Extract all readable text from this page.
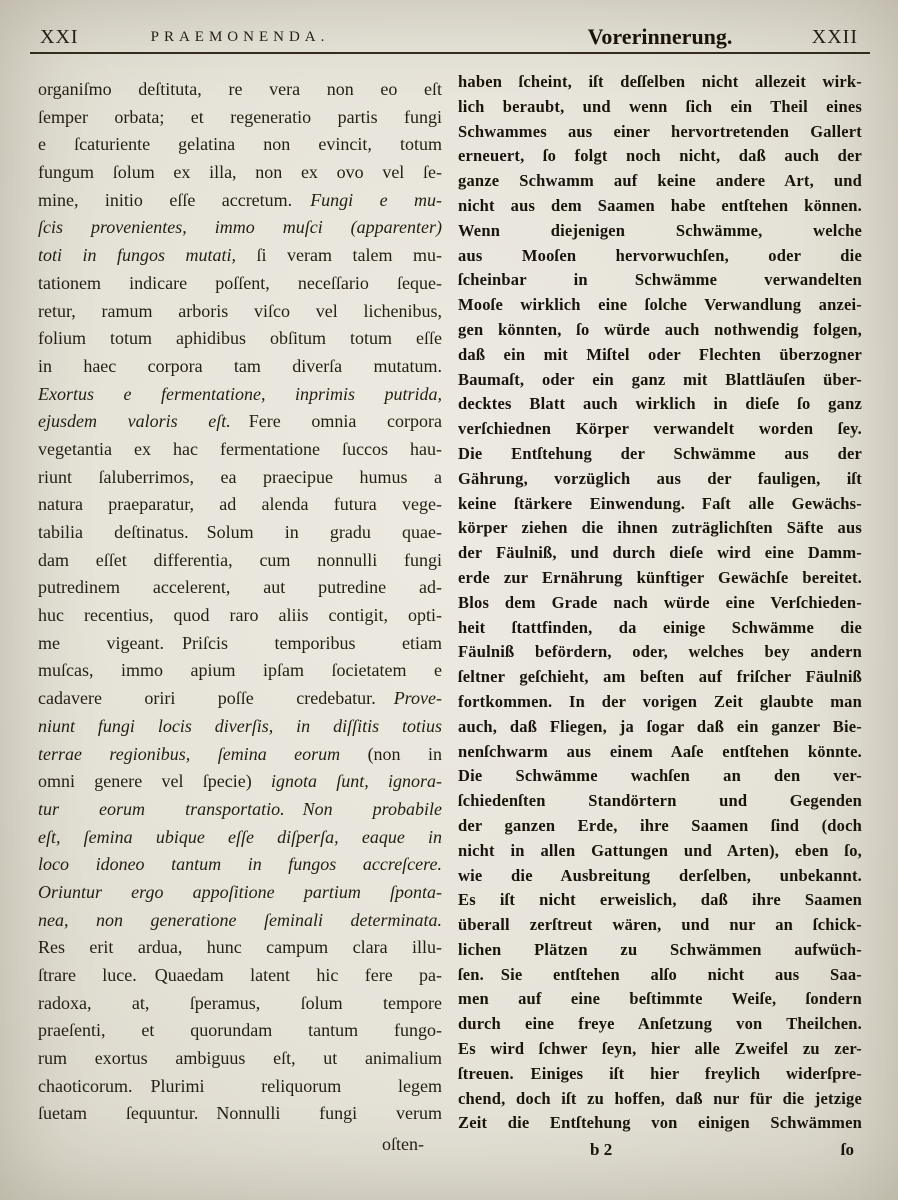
XXI	PRAEMONENDA.	Vorerinnerung.	XXII
organiſmo deſtituta, re vera non eo eſt
ſemper orbata; et regeneratio partis fungi
e ſcaturiente gelatina non evincit, totum
fungum ſolum ex illa, non ex ovo vel ſe-
mine, initio eſſe accretum. Fungi e mu-
ſcis provenientes, immo muſci (apparenter)
toti in fungos mutati, ſi veram talem mu-
tationem indicare poſſent, neceſſario ſeque-
retur, ramum arboris viſco vel lichenibus,
folium totum aphidibus obſitum totum eſſe
in haec corpora tam diverſa mutatum.
Exortus e fermentatione, inprimis putrida,
ejusdem valoris eſt. Fere omnia corpora
vegetantia ex hac fermentatione ſuccos hau-
riunt ſaluberrimos, ea praecipue humus a
natura praeparatur, ad alenda futura vege-
tabilia deſtinatus. Solum in gradu quae-
dam eſſet differentia, cum nonnulli fungi
putredinem accelerent, aut putredine ad-
huc recentius, quod raro aliis contigit, opti-
me vigeant. Priſcis temporibus etiam
muſcas, immo apium ipſam ſocietatem e
cadavere oriri poſſe credebatur. Prove-
niunt fungi locis diverſis, in diſſitis totius
terrae regionibus, ſemina eorum (non in
omni genere vel ſpecie) ignota ſunt, ignora-
tur eorum transportatio. Non probabile
eſt, ſemina ubique eſſe diſperſa, eaque in
loco idoneo tantum in fungos accreſcere.
Oriuntur ergo appoſitione partium ſponta-
nea, non generatione ſeminali determinata.
Res erit ardua, hunc campum clara illu-
ſtrare luce. Quaedam latent hic fere pa-
radoxa, at, ſperamus, ſolum tempore
praeſenti, et quorundam tantum fungo-
rum exortus ambiguus eſt, ut animalium
chaoticorum. Plurimi reliquorum legem
ſuetam ſequuntur. Nonnulli fungi verum
oſten-
haben ſcheint, iſt deſſelben nicht allezeit wirk-
lich beraubt, und wenn ſich ein Theil eines
Schwammes aus einer hervortretenden Gallert
erneuert, ſo folgt noch nicht, daß auch der
ganze Schwamm auf keine andere Art, und
nicht aus dem Saamen habe entſtehen können.
Wenn diejenigen Schwämme, welche
aus Mooſen hervorwuchſen, oder die
ſcheinbar in Schwämme verwandelten
Mooſe wirklich eine ſolche Verwandlung anzei-
gen könnten, ſo würde auch nothwendig folgen,
daß ein mit Miſtel oder Flechten überzogner
Baumaſt, oder ein ganz mit Blattläuſen über-
decktes Blatt auch wirklich in dieſe ſo ganz
verſchiednen Körper verwandelt worden ſey.
Die Entſtehung der Schwämme aus der
Gährung, vorzüglich aus der fauligen, iſt
keine ſtärkere Einwendung. Faſt alle Gewächs-
körper ziehen die ihnen zuträglichſten Säfte aus
der Fäulniß, und durch dieſe wird eine Damm-
erde zur Ernährung künftiger Gewächſe bereitet.
Blos dem Grade nach würde eine Verſchieden-
heit ſtattfinden, da einige Schwämme die
Fäulniß befördern, oder, welches bey andern
ſeltner geſchieht, am beſten auf friſcher Fäulniß
fortkommen. In der vorigen Zeit glaubte man
auch, daß Fliegen, ja ſogar daß ein ganzer Bie-
nenſchwarm aus einem Aaſe entſtehen könnte.
Die Schwämme wachſen an den ver-
ſchiedenſten Standörtern und Gegenden
der ganzen Erde, ihre Saamen ſind (doch
nicht in allen Gattungen und Arten), eben ſo,
wie die Ausbreitung derſelben, unbekannt.
Es iſt nicht erweislich, daß ihre Saamen
überall zerſtreut wären, und nur an ſchick-
lichen Plätzen zu Schwämmen aufwüch-
ſen. Sie entſtehen alſo nicht aus Saa-
men auf eine beſtimmte Weiſe, ſondern
durch eine freye Anſetzung von Theilchen.
Es wird ſchwer ſeyn, hier alle Zweifel zu zer-
ſtreuen. Einiges iſt hier freylich widerſpre-
chend, doch iſt zu hoffen, daß nur für die jetzige
Zeit die Entſtehung von einigen Schwämmen
b 2	ſo
